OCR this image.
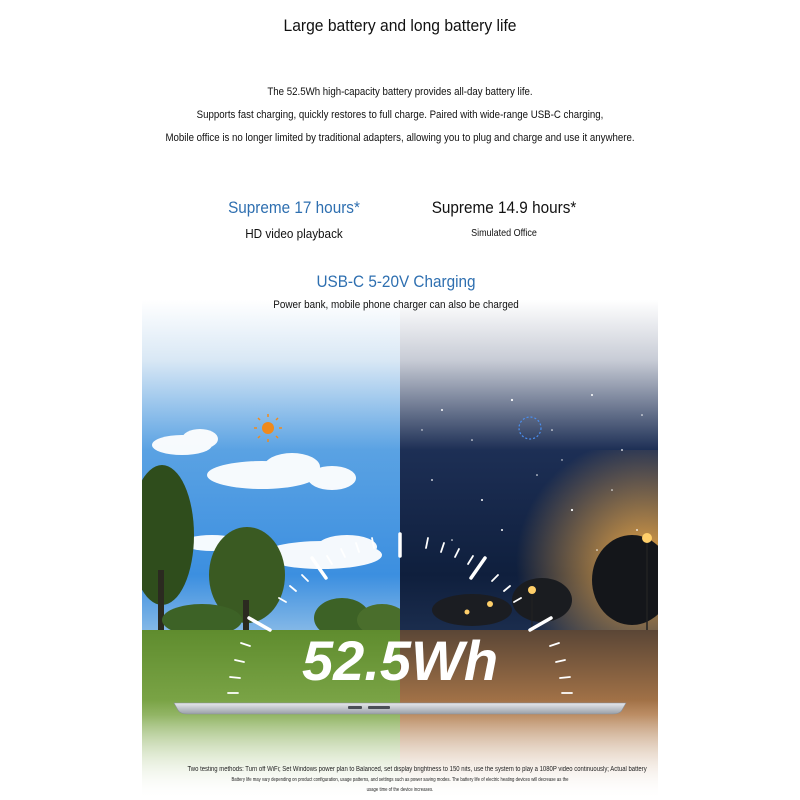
Large battery and long battery life
The 52.5Wh high-capacity battery provides all-day battery life.
Supports fast charging, quickly restores to full charge. Paired with wide-range USB-C charging,
Mobile office is no longer limited by traditional adapters, allowing you to plug and charge and use it anywhere.
52.5Wh
Supreme 17 hours*
HD video playback
Supreme 14.9 hours*
Simulated Office
USB-C 5-20V Charging
Power bank, mobile phone charger can also be charged
Two testing methods: Turn off WiFi; Set Windows power plan to Balanced, set display brightness to 150 nits, use the system to play a 1080P video continuously; Actual battery
Battery life may vary depending on product configuration, usage patterns, and settings such as power saving modes. The battery life of electric heating devices will decrease as the
usage time of the device increases.
